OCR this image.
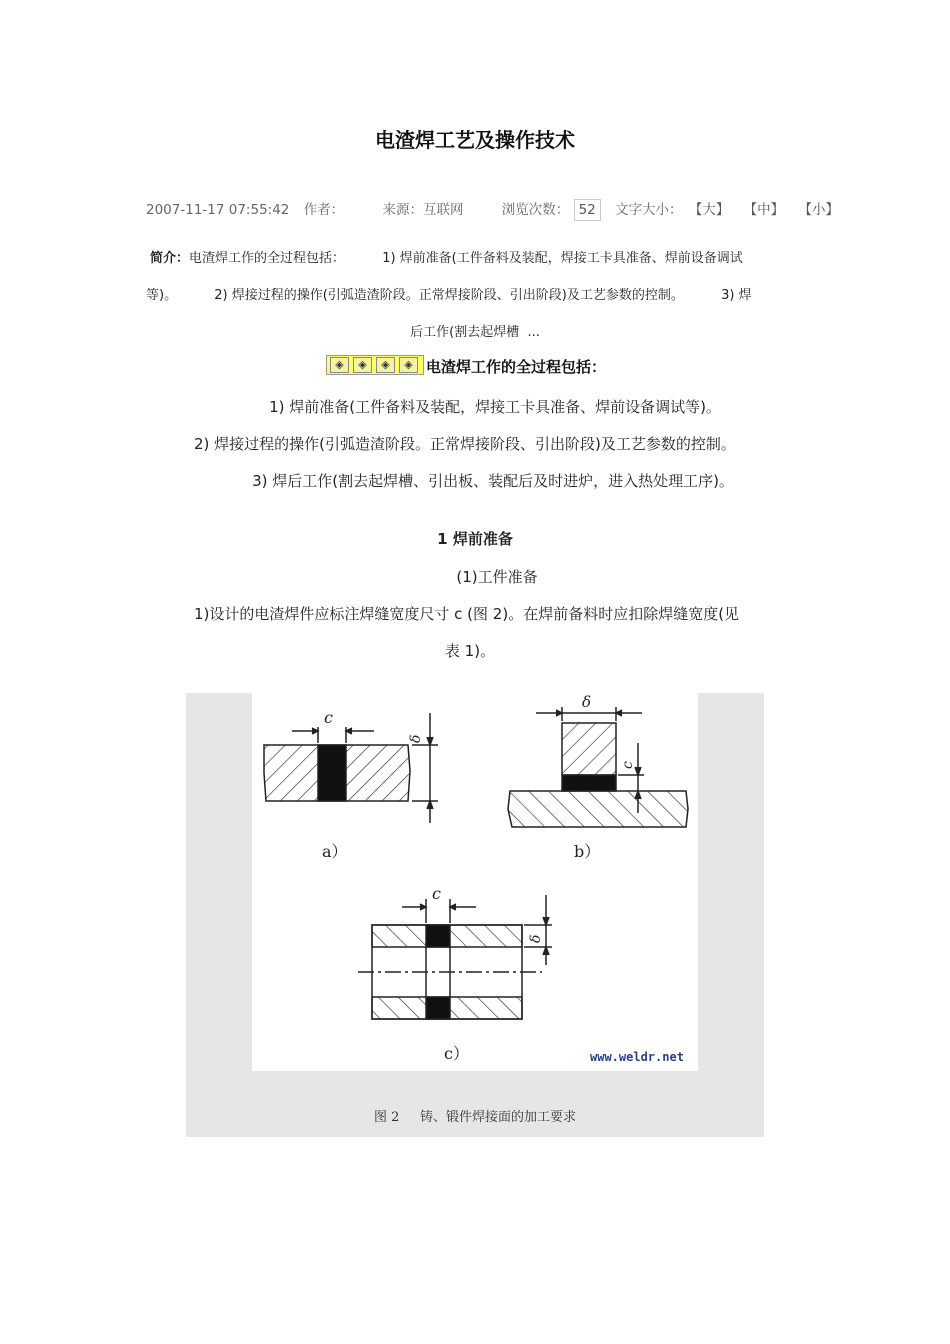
电渣焊工艺及操作技术
2007-11-17 07:55:42 作者：	来源：互联网	浏览次数： 52 文字大小： 【大】 【中】 【小】
简介：电渣焊工作的全过程包括：         1) 焊前准备(工件备料及装配，焊接工卡具准备、焊前设备调试
等)。         2) 焊接过程的操作(引弧造渣阶段。正常焊接阶段、引出阶段)及工艺参数的控制。         3) 焊
后工作(割去起焊槽  ...
◈	◈	◈	◈ 电渣焊工作的全过程包括：
1) 焊前准备(工件备料及装配，焊接工卡具准备、焊前设备调试等)。
2) 焊接过程的操作(引弧造渣阶段。正常焊接阶段、引出阶段)及工艺参数的控制。
3) 焊后工作(割去起焊槽、引出板、装配后及时进炉，进入热处理工序)。
1 焊前准备
(1)工件准备
1)设计的电渣焊件应标注焊缝宽度尺寸 c (图 2)。在焊前备料时应扣除焊缝宽度(见
表 1)。
c
δ
a）
δ
c
b）
c
δ
c）	www.weldr.net
图 2     铸、锻件焊接面的加工要求
